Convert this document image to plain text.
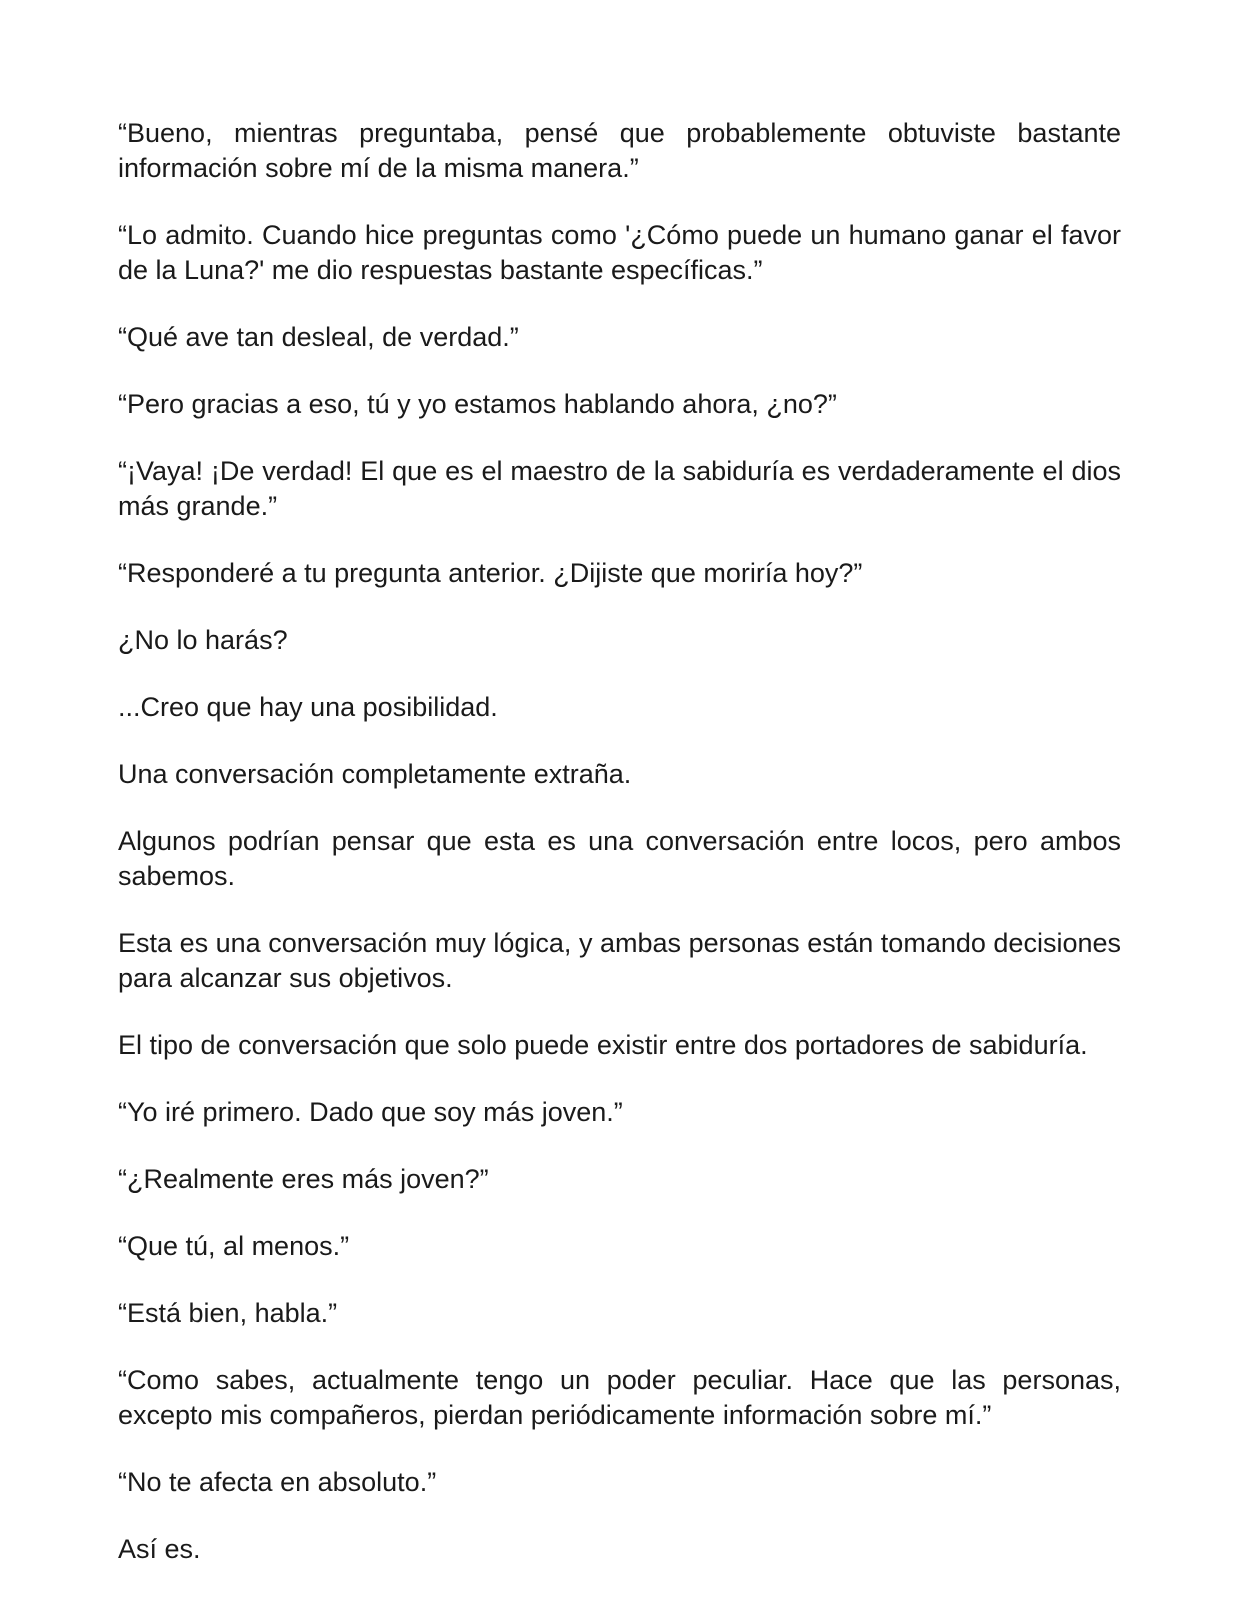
“Bueno, mientras preguntaba, pensé que probablemente obtuviste bastante información sobre mí de la misma manera.”

“Lo admito. Cuando hice preguntas como '¿Cómo puede un humano ganar el favor de la Luna?' me dio respuestas bastante específicas.”

“Qué ave tan desleal, de verdad.”

“Pero gracias a eso, tú y yo estamos hablando ahora, ¿no?”

“¡Vaya! ¡De verdad! El que es el maestro de la sabiduría es verdaderamente el dios más grande.”

“Responderé a tu pregunta anterior. ¿Dijiste que moriría hoy?”

¿No lo harás?

...Creo que hay una posibilidad.

Una conversación completamente extraña.

Algunos podrían pensar que esta es una conversación entre locos, pero ambos sabemos.

Esta es una conversación muy lógica, y ambas personas están tomando decisiones para alcanzar sus objetivos.

El tipo de conversación que solo puede existir entre dos portadores de sabiduría.

“Yo iré primero. Dado que soy más joven.”

“¿Realmente eres más joven?”

“Que tú, al menos.”

“Está bien, habla.”

“Como sabes, actualmente tengo un poder peculiar. Hace que las personas, excepto mis compañeros, pierdan periódicamente información sobre mí.”

“No te afecta en absoluto.”

Así es.
